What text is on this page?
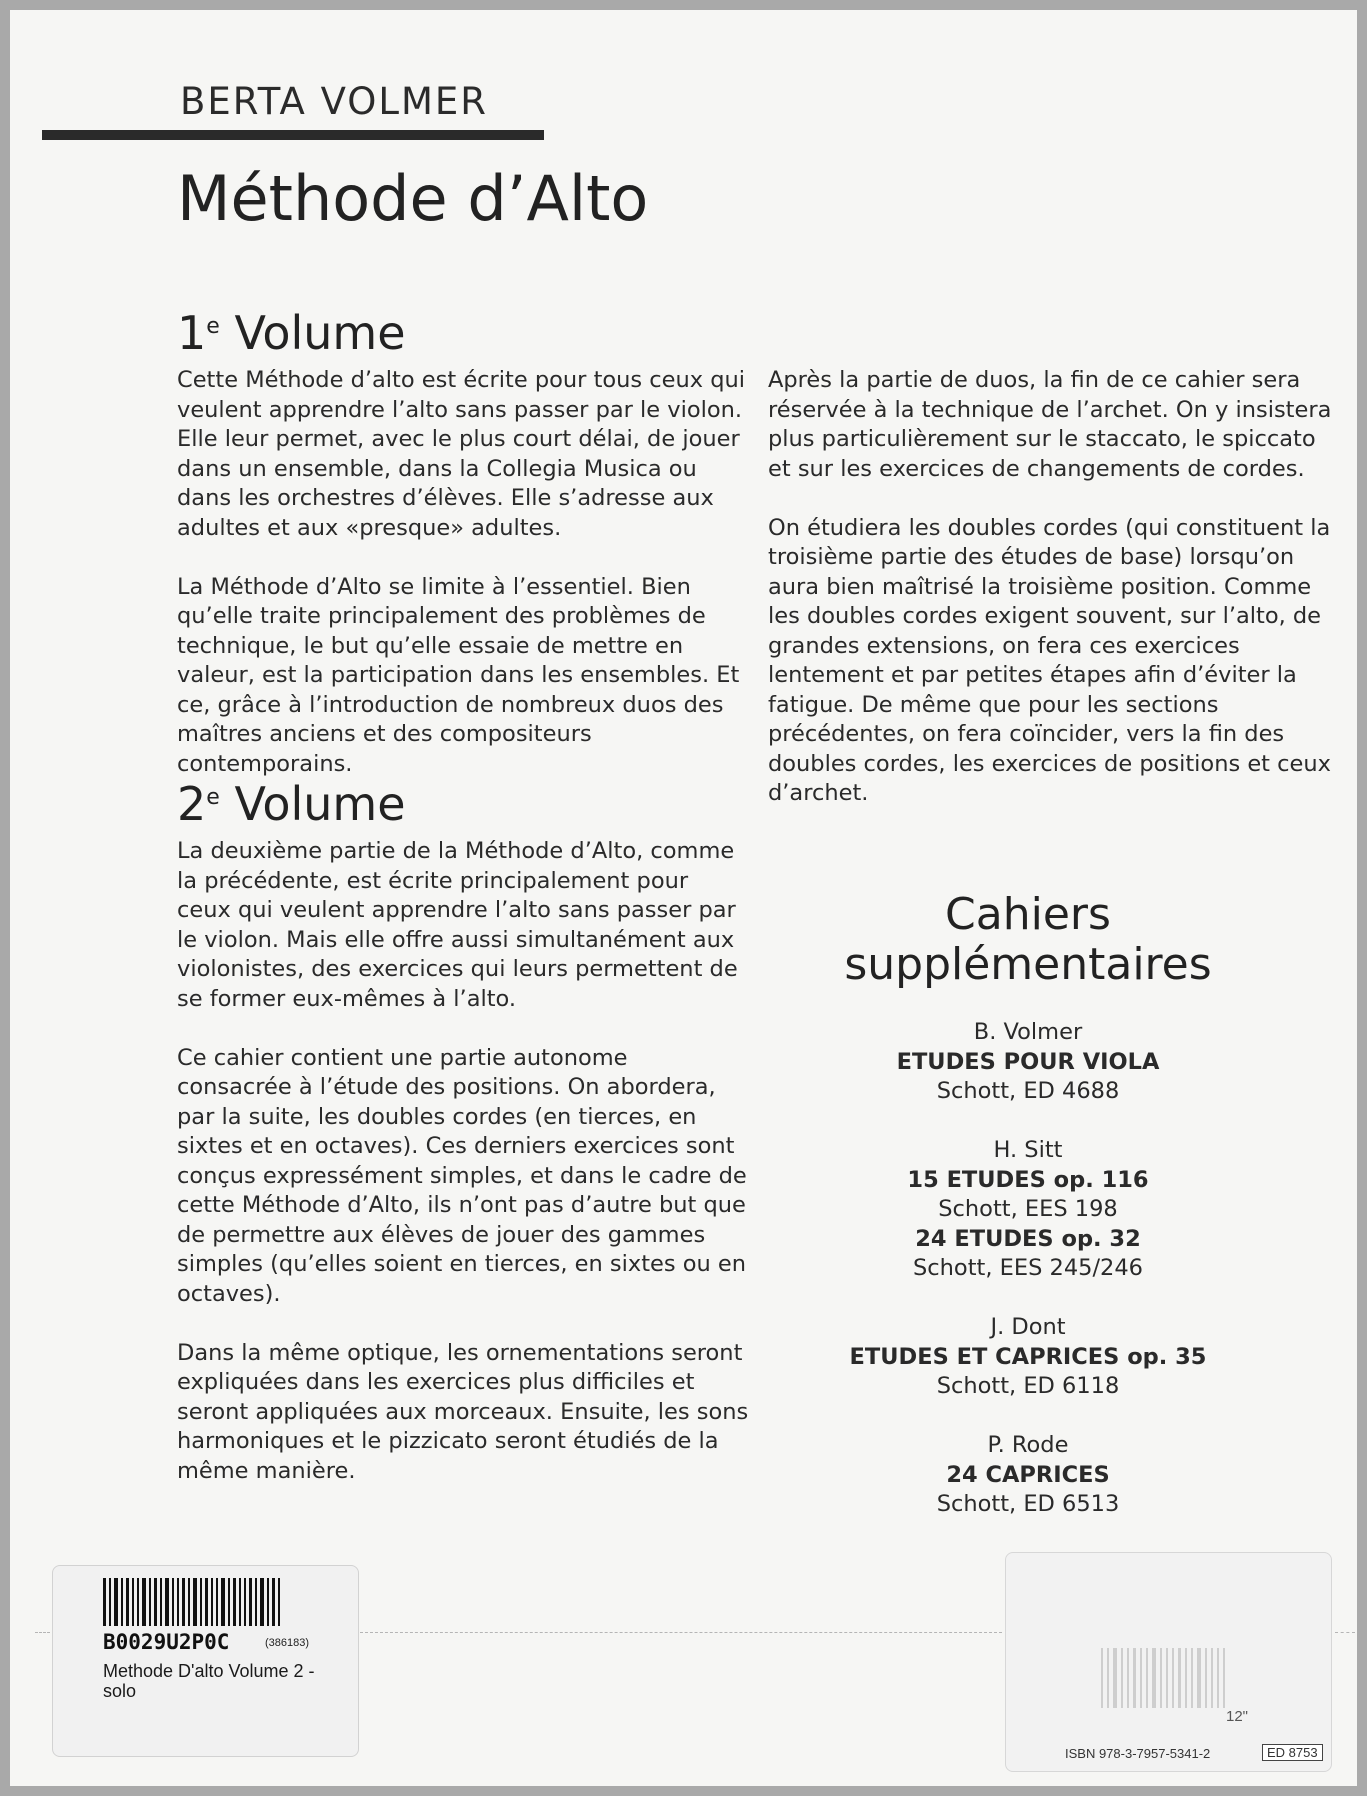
BERTA VOLMER
Méthode d’Alto
1e Volume

Cette Méthode d’alto est écrite pour tous ceux qui veulent apprendre l’alto sans passer par le violon. Elle leur permet, avec le plus court délai, de jouer dans un ensemble, dans la Collegia Musica ou dans les orchestres d’élèves. Elle s’adresse aux adultes et aux «presque» adultes.

La Méthode d’Alto se limite à l’essentiel. Bien qu’elle traite principalement des problèmes de technique, le but qu’elle essaie de mettre en valeur, est la participation dans les ensembles. Et ce, grâce à l’introduction de nombreux duos des maîtres anciens et des compositeurs contemporains.

2e Volume

La deuxième partie de la Méthode d’Alto, comme la précédente, est écrite principalement pour ceux qui veulent apprendre l’alto sans passer par le violon. Mais elle offre aussi simultanément aux violonistes, des exercices qui leurs permettent de se former eux-mêmes à l’alto.

Ce cahier contient une partie autonome consacrée à l’étude des positions. On abordera, par la suite, les doubles cordes (en tierces, en sixtes et en octaves). Ces derniers exercices sont conçus expressément simples, et dans le cadre de cette Méthode d’Alto, ils n’ont pas d’autre but que de permettre aux élèves de jouer des gammes simples (qu’elles soient en tierces, en sixtes ou en octaves).

Dans la même optique, les ornementations seront expliquées dans les exercices plus difficiles et seront appliquées aux morceaux. Ensuite, les sons harmoniques et le pizzicato seront étudiés de la même manière.

Après la partie de duos, la fin de ce cahier sera réservée à la technique de l’archet. On y insistera plus particulièrement sur le staccato, le spiccato et sur les exercices de changements de cordes.

On étudiera les doubles cordes (qui constituent la troisième partie des études de base) lorsqu’on aura bien maîtrisé la troisième position. Comme les doubles cordes exigent souvent, sur l’alto, de grandes extensions, on fera ces exercices lentement et par petites étapes afin d’éviter la fatigue. De même que pour les sections précédentes, on fera coïncider, vers la fin des doubles cordes, les exercices de positions et ceux d’archet.

Cahiers
supplémentaires
B. Volmer
ETUDES POUR VIOLA
Schott, ED 4688
H. Sitt
15 ETUDES op. 116
Schott, EES 198
24 ETUDES op. 32
Schott, EES 245/246
J. Dont
ETUDES ET CAPRICES op. 35
Schott, ED 6118
P. Rode
24 CAPRICES
Schott, ED 6513
12"
ISBN 978-3-7957-5341-2	ED 8753
B0029U2P0C	(386183)
Methode D'alto Volume 2 - solo
